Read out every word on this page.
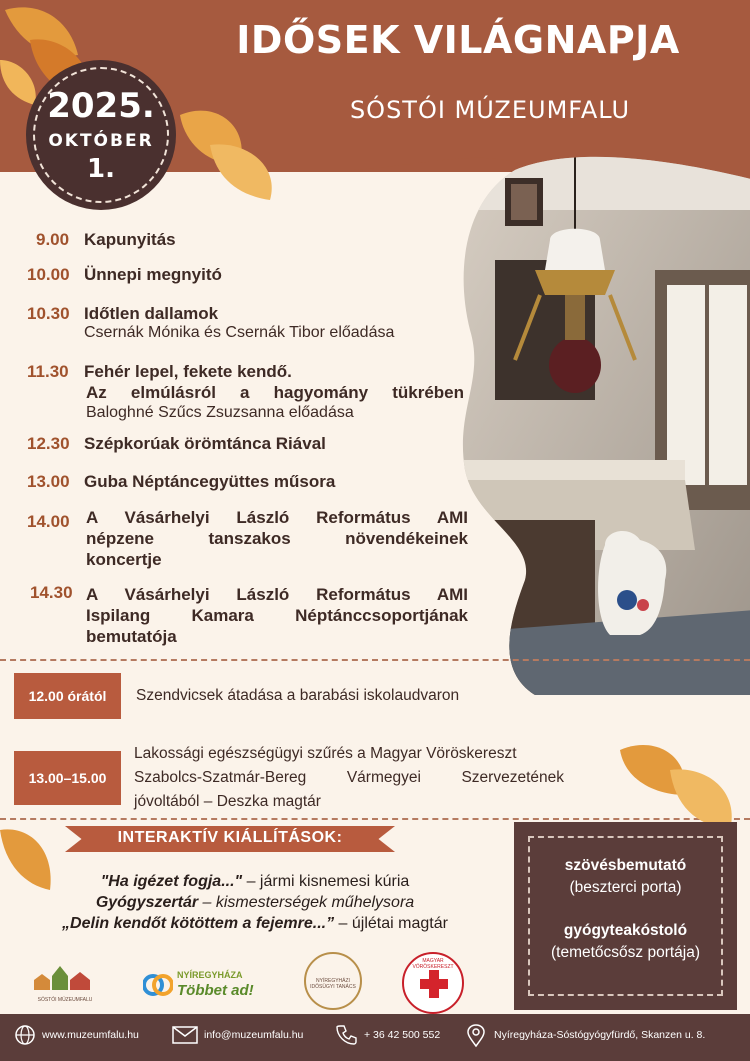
IDŐSEK VILÁGNAPJA
SÓSTÓI MÚZEUMFALU
2025.
OKTÓBER
1.
9.00 Kapunyitás
10.00 Ünnepi megnyitó
10.30 Időtlen dallamok
Csernák Mónika és Csernák Tibor előadása
11.30 Fehér lepel, fekete kendő.
Az elmúlásról a hagyomány tükrében
Baloghné Szűcs Zsuzsanna előadása
12.30 Szépkorúak örömtánca Riával
13.00 Guba Néptáncegyüttes műsora
14.00 A Vásárhelyi László Református AMI
népzene tanszakos növendékeinek
koncertje
14.30 A Vásárhelyi László Református AMI
Ispilang Kamara Néptánccsoportjának
bemutatója
12.00 órától	Szendvicsek átadása a barabási iskolaudvaron
13.00–15.00
Lakossági egészségügyi szűrés a Magyar Vöröskereszt
Szabolcs-Szatmár-Bereg Vármegyei Szervezetének
jóvoltából – Deszka magtár
INTERAKTÍV KIÁLLÍTÁSOK:
"Ha igézet fogja..." – jármi kisnemesi kúria
Gyógyszertár – kismesterségek műhelysora
„Delin kendőt kötöttem a fejemre...” – újlétai magtár
szövésbemutató
(beszterci porta)
gyógyteakóstoló
(temetőcsősz portája)
SÓSTÓI MÚZEUMFALU
NYÍREGYHÁZA
Többet ad!
NYÍREGYHÁZI IDŐSÜGYI TANÁCS
MAGYAR VÖRÖSKERESZT
www.muzeumfalu.hu	info@muzeumfalu.hu	+ 36 42 500 552	Nyíregyháza-Sóstógyógyfürdő, Skanzen u. 8.
